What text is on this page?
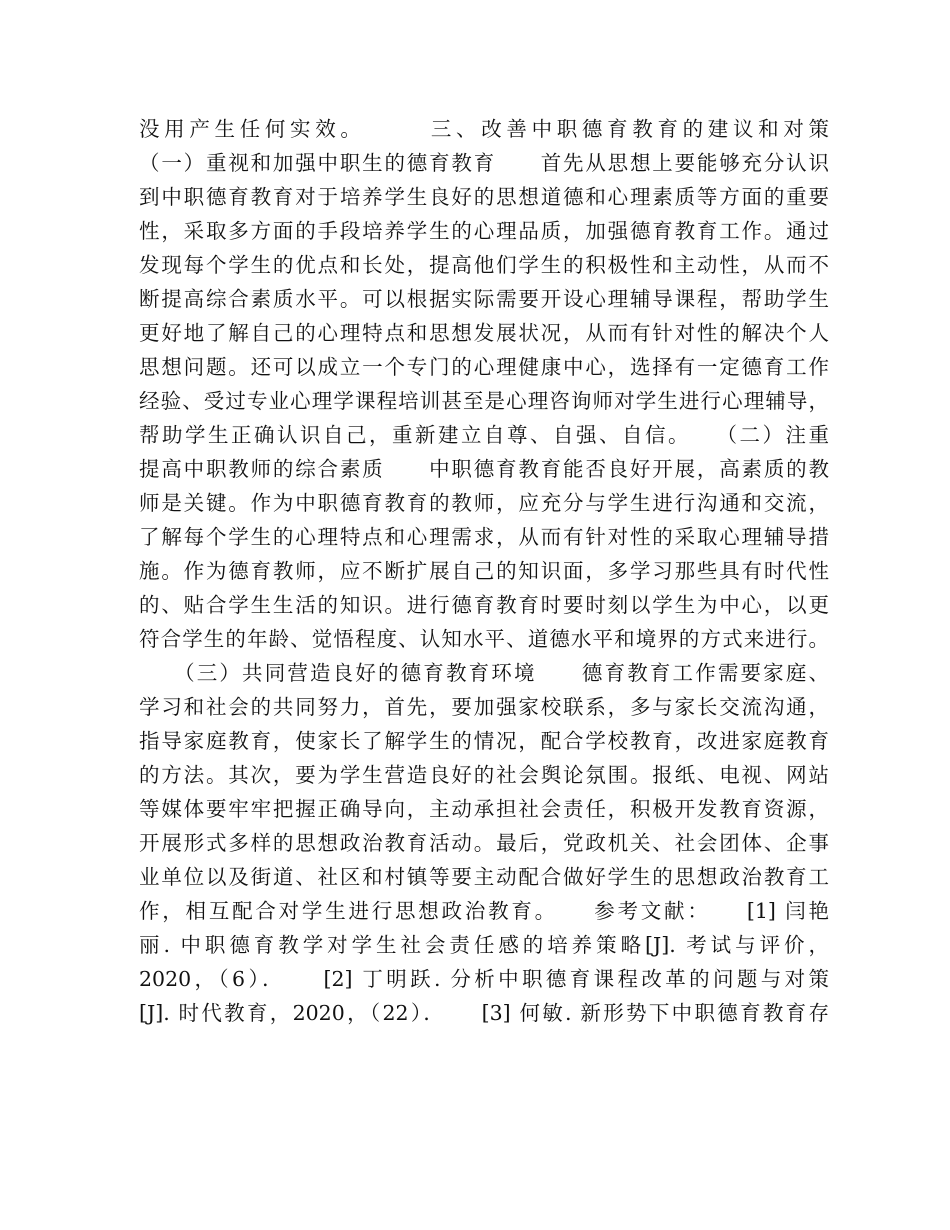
没用产生任何实效。　　　三、改善中职德育教育的建议和对策
（一）重视和加强中职生的德育教育　　首先从思想上要能够充分认识
到中职德育教育对于培养学生良好的思想道德和心理素质等方面的重要
性，采取多方面的手段培养学生的心理品质，加强德育教育工作。通过
发现每个学生的优点和长处，提高他们学生的积极性和主动性，从而不
断提高综合素质水平。可以根据实际需要开设心理辅导课程，帮助学生
更好地了解自己的心理特点和思想发展状况，从而有针对性的解决个人
思想问题。还可以成立一个专门的心理健康中心，选择有一定德育工作
经验、受过专业心理学课程培训甚至是心理咨询师对学生进行心理辅导，
帮助学生正确认识自己，重新建立自尊、自强、自信。　　（二）注重
提高中职教师的综合素质　　中职德育教育能否良好开展，高素质的教
师是关键。作为中职德育教育的教师，应充分与学生进行沟通和交流，
了解每个学生的心理特点和心理需求，从而有针对性的采取心理辅导措
施。作为德育教师，应不断扩展自己的知识面，多学习那些具有时代性
的、贴合学生生活的知识。进行德育教育时要时刻以学生为中心，以更
符合学生的年龄、觉悟程度、认知水平、道德水平和境界的方式来进行。
　　（三）共同营造良好的德育教育环境　　德育教育工作需要家庭、
学习和社会的共同努力，首先，要加强家校联系，多与家长交流沟通，
指导家庭教育，使家长了解学生的情况，配合学校教育，改进家庭教育
的方法。其次，要为学生营造良好的社会舆论氛围。报纸、电视、网站
等媒体要牢牢把握正确导向，主动承担社会责任，积极开发教育资源，
开展形式多样的思想政治教育活动。最后，党政机关、社会团体、企事
业单位以及街道、社区和村镇等要主动配合做好学生的思想政治教育工
作，相互配合对学生进行思想政治教育。　　参考文献：　　[1] 闫艳
丽. 中职德育教学对学生社会责任感的培养策略[J]. 考试与评价，
2020，（6）．　　[2] 丁明跃. 分析中职德育课程改革的问题与对策
[J]. 时代教育，2020，（22）．　　[3] 何敏. 新形势下中职德育教育存
